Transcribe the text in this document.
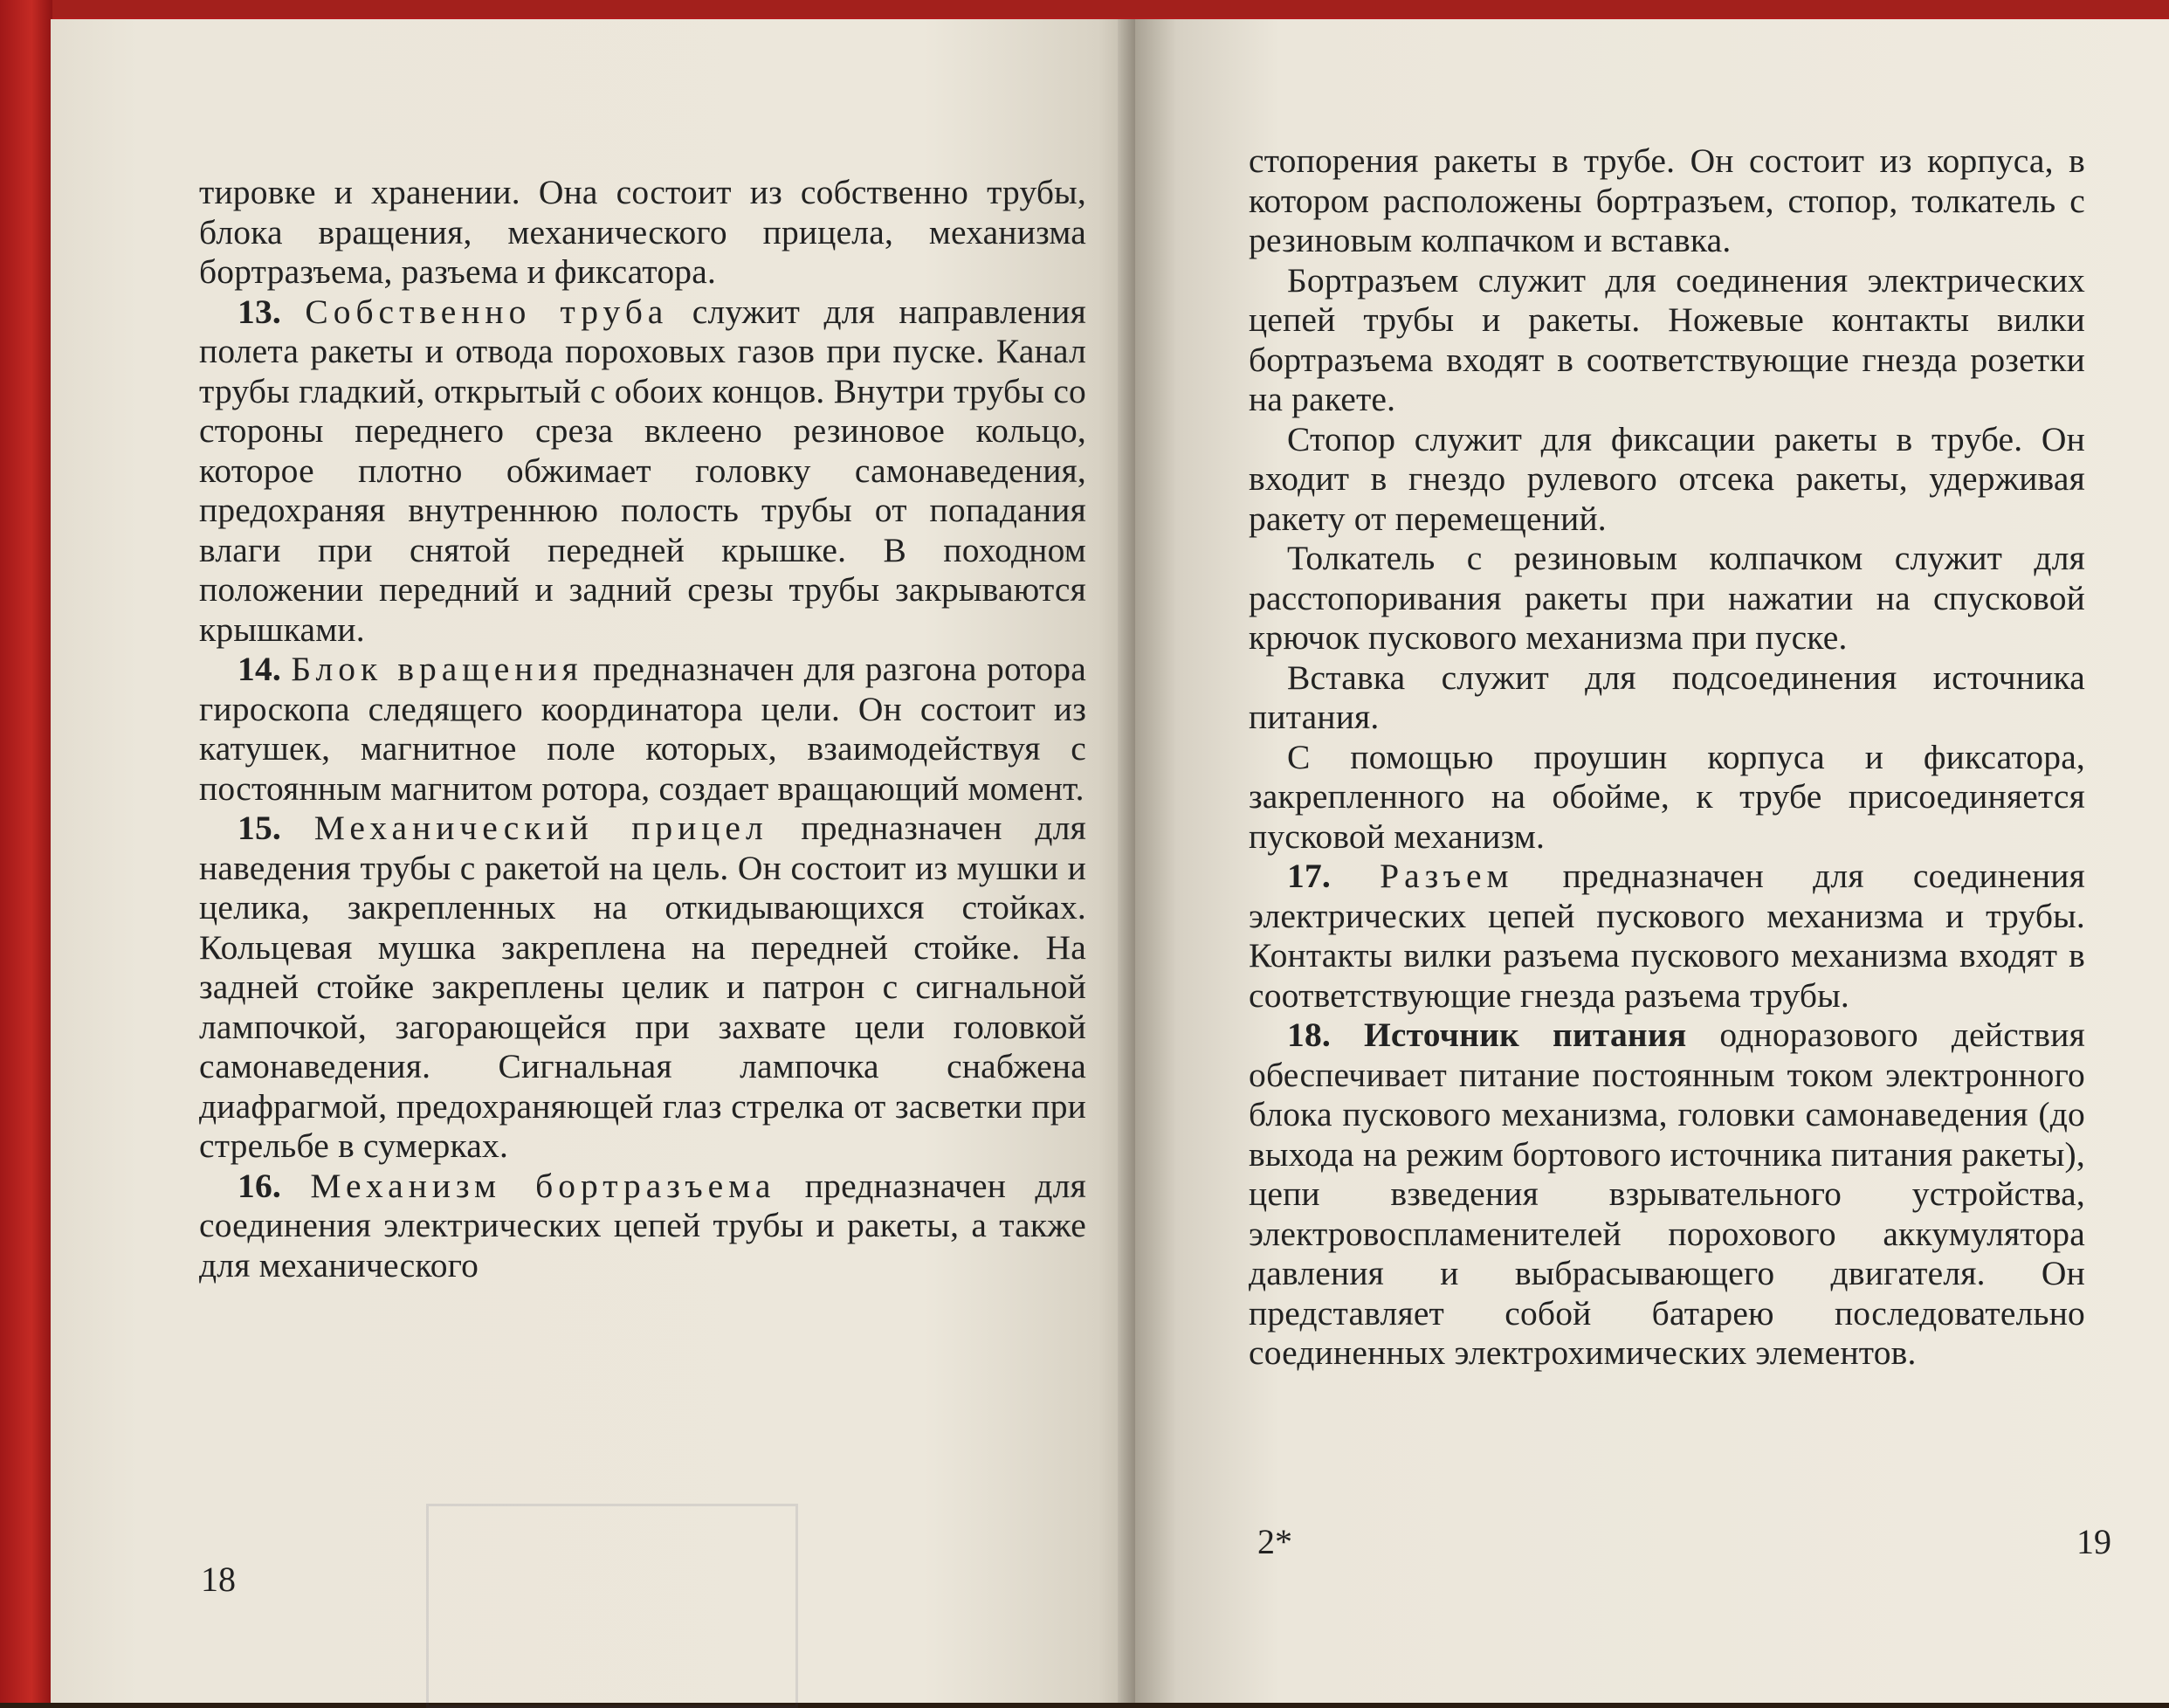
тировке и хранении. Она состоит из собственно трубы, блока вращения, механического прицела, механизма бортразъема, разъема и фиксатора.

13. Собственно труба служит для направления полета ракеты и отвода пороховых газов при пуске. Канал трубы гладкий, открытый с обоих концов. Внутри трубы со стороны переднего среза вклеено резиновое кольцо, которое плотно обжимает головку самонаведения, предохраняя внутреннюю полость трубы от попадания влаги при снятой передней крышке. В походном положении передний и задний срезы трубы закрываются крышками.

14. Блок вращения предназначен для разгона ротора гироскопа следящего координатора цели. Он состоит из катушек, магнитное поле которых, взаимодействуя с постоянным магнитом ротора, создает вращающий момент.

15. Механический прицел предназначен для наведения трубы с ракетой на цель. Он состоит из мушки и целика, закрепленных на откидывающихся стойках. Кольцевая мушка закреплена на передней стойке. На задней стойке закреплены целик и патрон с сигнальной лампочкой, загорающейся при захвате цели головкой самонаведения. Сигнальная лампочка снабжена диафрагмой, предохраняющей глаз стрелка от засветки при стрельбе в сумерках.

16. Механизм бортразъема предназначен для соединения электрических цепей трубы и ракеты, а также для механического

18

стопорения ракеты в трубе. Он состоит из корпуса, в котором расположены бортразъем, стопор, толкатель с резиновым колпачком и вставка.

Бортразъем служит для соединения электрических цепей трубы и ракеты. Ножевые контакты вилки бортразъема входят в соответствующие гнезда розетки на ракете.

Стопор служит для фиксации ракеты в трубе. Он входит в гнездо рулевого отсека ракеты, удерживая ракету от перемещений.

Толкатель с резиновым колпачком служит для расстопоривания ракеты при нажатии на спусковой крючок пускового механизма при пуске.

Вставка служит для подсоединения источника питания.

С помощью проушин корпуса и фиксатора, закрепленного на обойме, к трубе присоединяется пусковой механизм.

17. Разъем предназначен для соединения электрических цепей пускового механизма и трубы. Контакты вилки разъема пускового механизма входят в соответствующие гнезда разъема трубы.

18. Источник питания одноразового действия обеспечивает питание постоянным током электронного блока пускового механизма, головки самонаведения (до выхода на режим бортового источника питания ракеты), цепи взведения взрывательного устройства, электровоспламенителей порохового аккумулятора давления и выбрасывающего двигателя. Он представляет собой батарею последовательно соединенных электрохимических элементов.

2*	19
